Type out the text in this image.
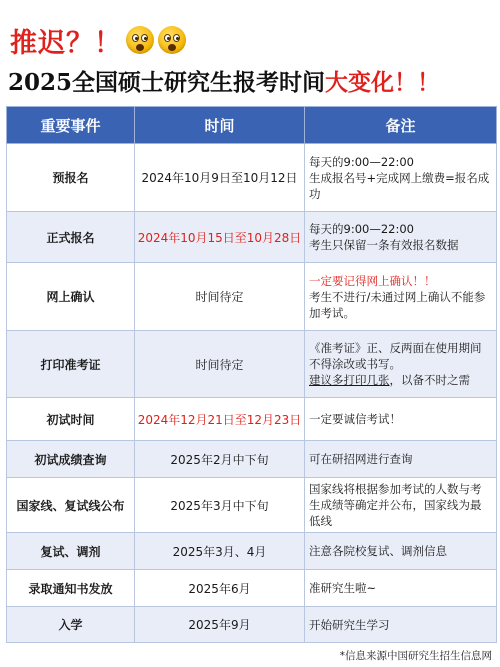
推迟？！
2025全国硕士研究生报考时间 大变化！！
重要事件	时间	备注
预报名	2024年10月9日至10月12日	每天的9:00—22:00
生成报名号+完成网上缴费=报名成功

正式报名	2024年10月15日至10月28日	每天的9:00—22:00
考生只保留一条有效报名数据

网上确认	时间待定	一定要记得网上确认！！
考生不进行/未通过网上确认不能参加考试。

打印准考证	时间待定	《准考证》正、反两面在使用期间不得涂改或书写。
建议多打印几张，以备不时之需

初试时间	2024年12月21日至12月23日	一定要诚信考试！

初试成绩查询	2025年2月中下旬	可在研招网进行查询

国家线、复试线公布	2025年3月中下旬	国家线将根据参加考试的人数与考生成绩等确定并公布，国家线为最低线

复试、调剂	2025年3月、4月	注意各院校复试、调剂信息

录取通知书发放	2025年6月	准研究生啦~

入学	2025年9月	开始研究生学习
*信息来源中国研究生招生信息网
